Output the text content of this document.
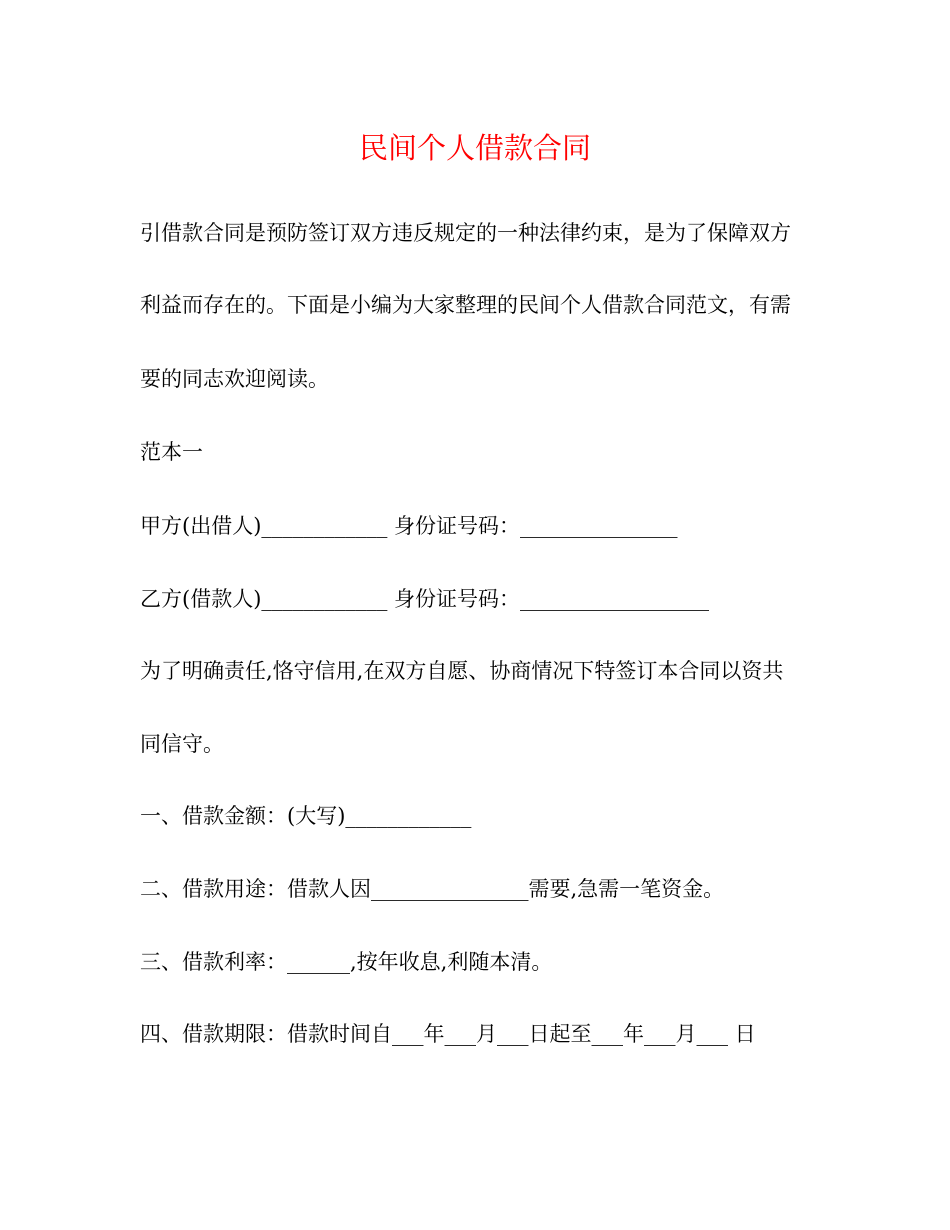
民间个人借款合同
引借款合同是预防签订双方违反规定的一种法律约束，是为了保障双方
利益而存在的。下面是小编为大家整理的民间个人借款合同范文，有需
要的同志欢迎阅读。
范本一
甲方(出借人)____________ 身份证号码：_______________
乙方(借款人)____________ 身份证号码：__________________
为了明确责任,恪守信用,在双方自愿、协商情况下特签订本合同以资共
同信守。
一、借款金额：(大写)____________
二、借款用途：借款人因_______________需要,急需一笔资金。
三、借款利率：______,按年收息,利随本清。
四、借款期限：借款时间自___年___月___日起至___年___月___ 日
